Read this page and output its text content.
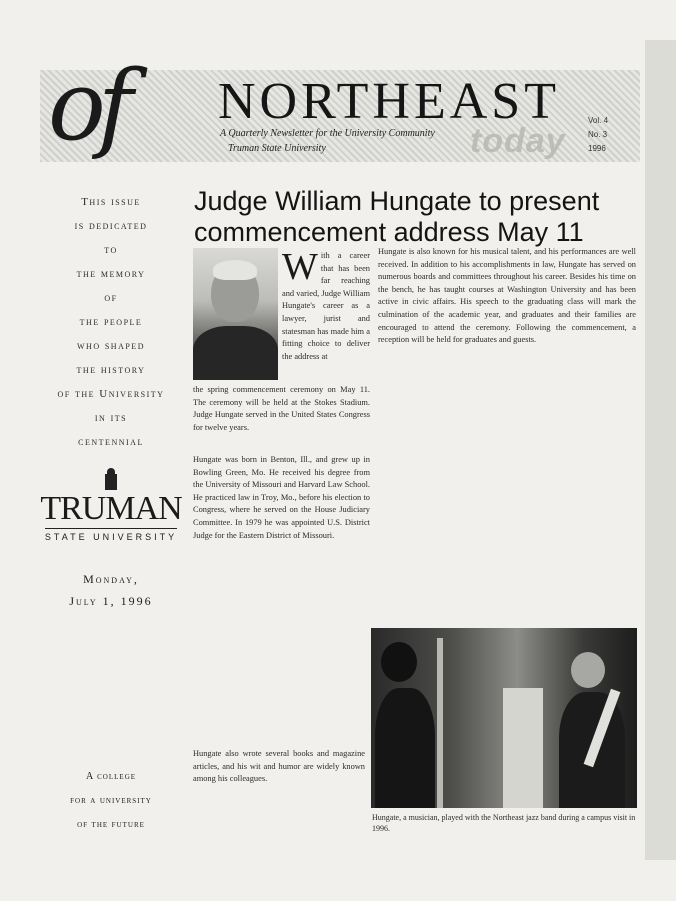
of NORTHEAST
A Quarterly Newsletter for the University Community
Truman State University	today
Vol. 4
No. 3
1996

This issue

is dedicated

to

the memory

of

the people

who shaped

the history

of the University

in its

centennial

TRUMAN

STATE UNIVERSITY

Monday,

July 1, 1996

A college
for a university
of the future
Judge William Hungate to present commencement address May 11

With a career that has been far reaching and varied, Judge William Hungate's career as a lawyer, jurist and statesman has made him a fitting choice to deliver the address at

the spring commencement ceremony on May 11. The ceremony will be held at the Stokes Stadium. Judge Hungate served in the United States Congress for twelve years.

Hungate was born in Benton, Ill., and grew up in Bowling Green, Mo. He received his degree from the University of Missouri and Harvard Law School. He practiced law in Troy, Mo., before his election to Congress, where he served on the House Judiciary Committee. In 1979 he was appointed U.S. District Judge for the Eastern District of Missouri.

Hungate also wrote several books and magazine articles, and his wit and humor are widely known among his colleagues.

Hungate is also known for his musical talent, and his performances are well received. In addition to his accomplishments in law, Hungate has served on numerous boards and committees throughout his career. Besides his time on the bench, he has taught courses at Washington University and has been active in civic affairs. His speech to the graduating class will mark the culmination of the academic year, and graduates and their families are encouraged to attend the ceremony. Following the commencement, a reception will be held for graduates and guests.

Hungate, a musician, played with the Northeast jazz band during a campus visit in 1996.
